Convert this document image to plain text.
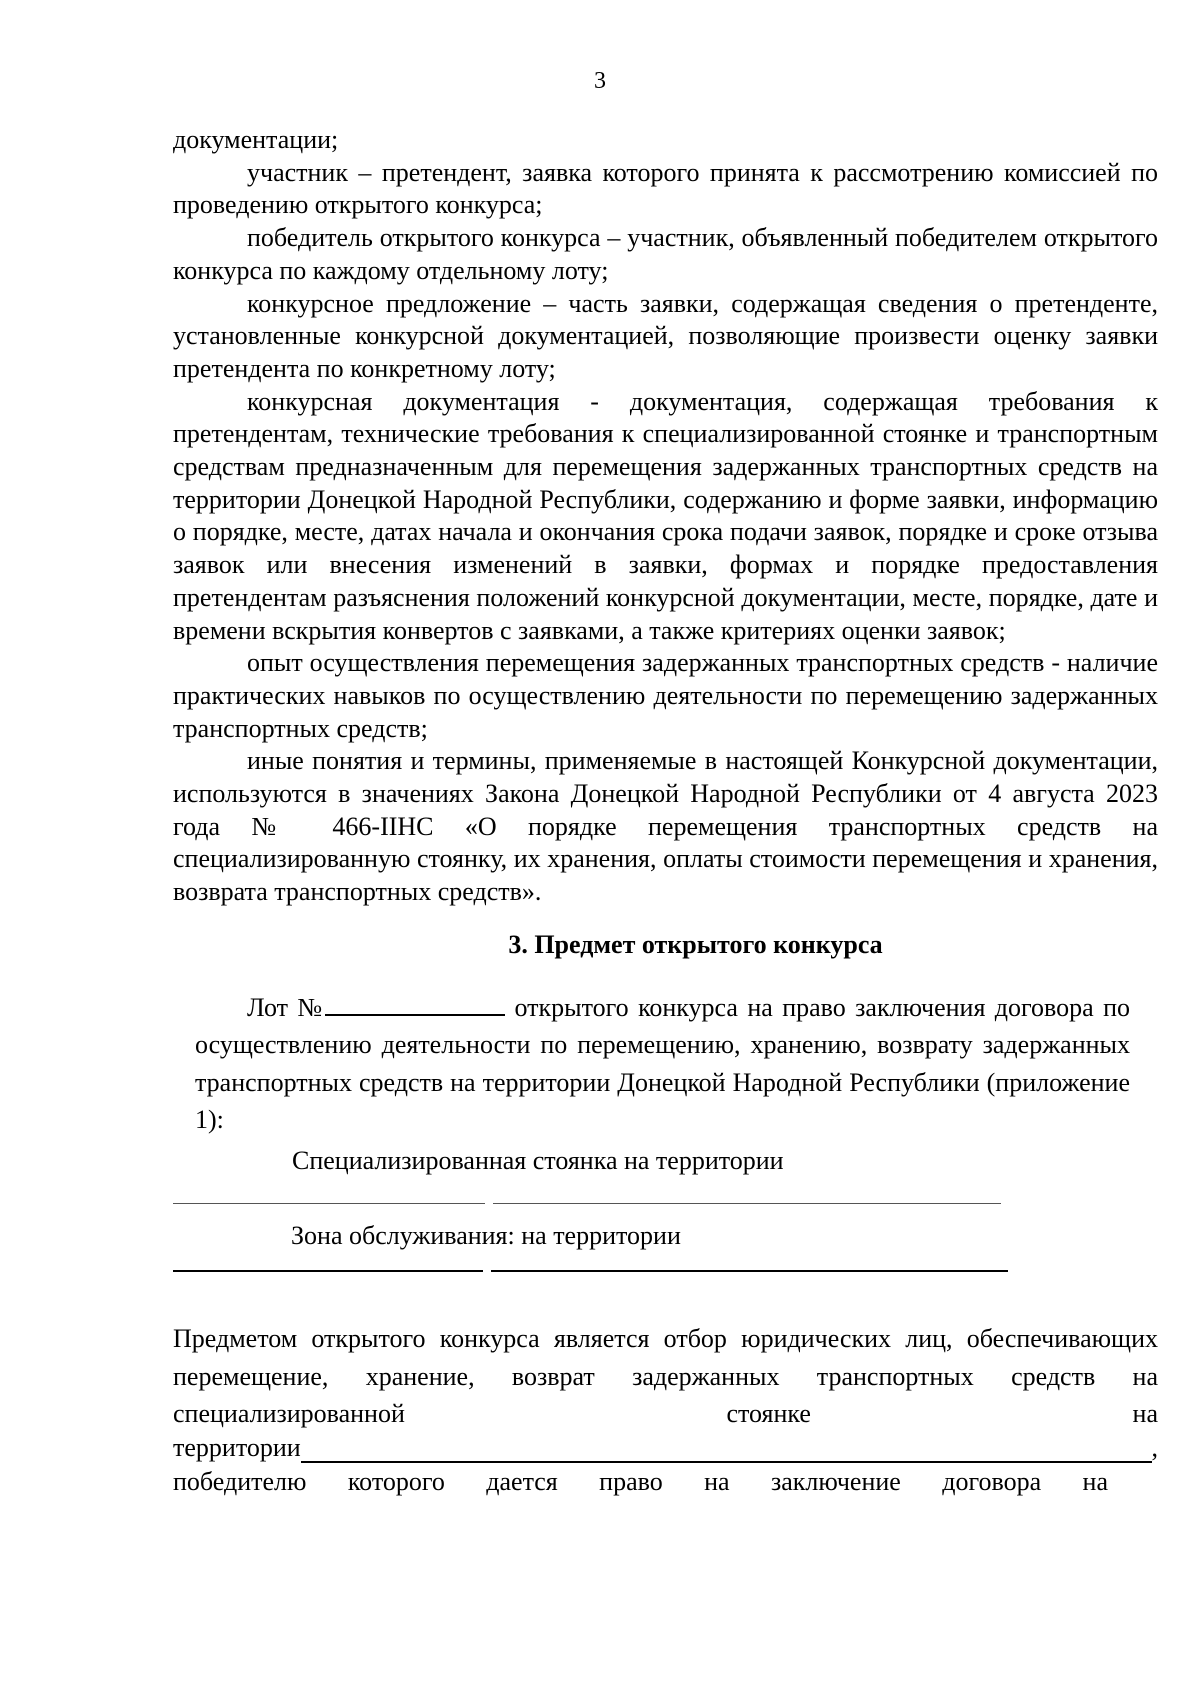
3

документации;

участник – претендент, заявка которого принята к рассмотрению комиссией по проведению открытого конкурса;

победитель открытого конкурса – участник, объявленный победителем открытого конкурса по каждому отдельному лоту;

конкурсное предложение – часть заявки, содержащая сведения о претенденте, установленные конкурсной документацией, позволяющие произвести оценку заявки претендента по конкретному лоту;

конкурсная документация - документация, содержащая требования к претендентам, технические требования к специализированной стоянке и транспортным средствам предназначенным для перемещения задержанных транспортных средств на территории Донецкой Народной Республики, содержанию и форме заявки, информацию о порядке, месте, датах начала и окончания срока подачи заявок, порядке и сроке отзыва заявок или внесения изменений в заявки, формах и порядке предоставления претендентам разъяснения положений конкурсной документации, месте, порядке, дате и времени вскрытия конвертов с заявками, а также критериях оценки заявок;

опыт осуществления перемещения задержанных транспортных средств - наличие практических навыков по осуществлению деятельности по перемещению задержанных транспортных средств;

иные понятия и термины, применяемые в настоящей Конкурсной документации, используются в значениях Закона Донецкой Народной Республики от 4 августа 2023 года № 466-IIНС «О порядке перемещения транспортных средств на специализированную стоянку, их хранения, оплаты стоимости перемещения и хранения, возврата транспортных средств».

3. Предмет открытого конкурса

Лот №	открытого конкурса на право заключения договора по осуществлению деятельности по перемещению, хранению, возврату задержанных транспортных средств на территории Донецкой Народной Республики (приложение 1):

Специализированная стоянка на территории

Зона обслуживания: на территории

Предметом открытого конкурса является отбор юридических лиц, обеспечивающих перемещение, хранение, возврат задержанных транспортных средств на специализированной стоянке на

территории	,

победителю которого дается право на заключение договора на
